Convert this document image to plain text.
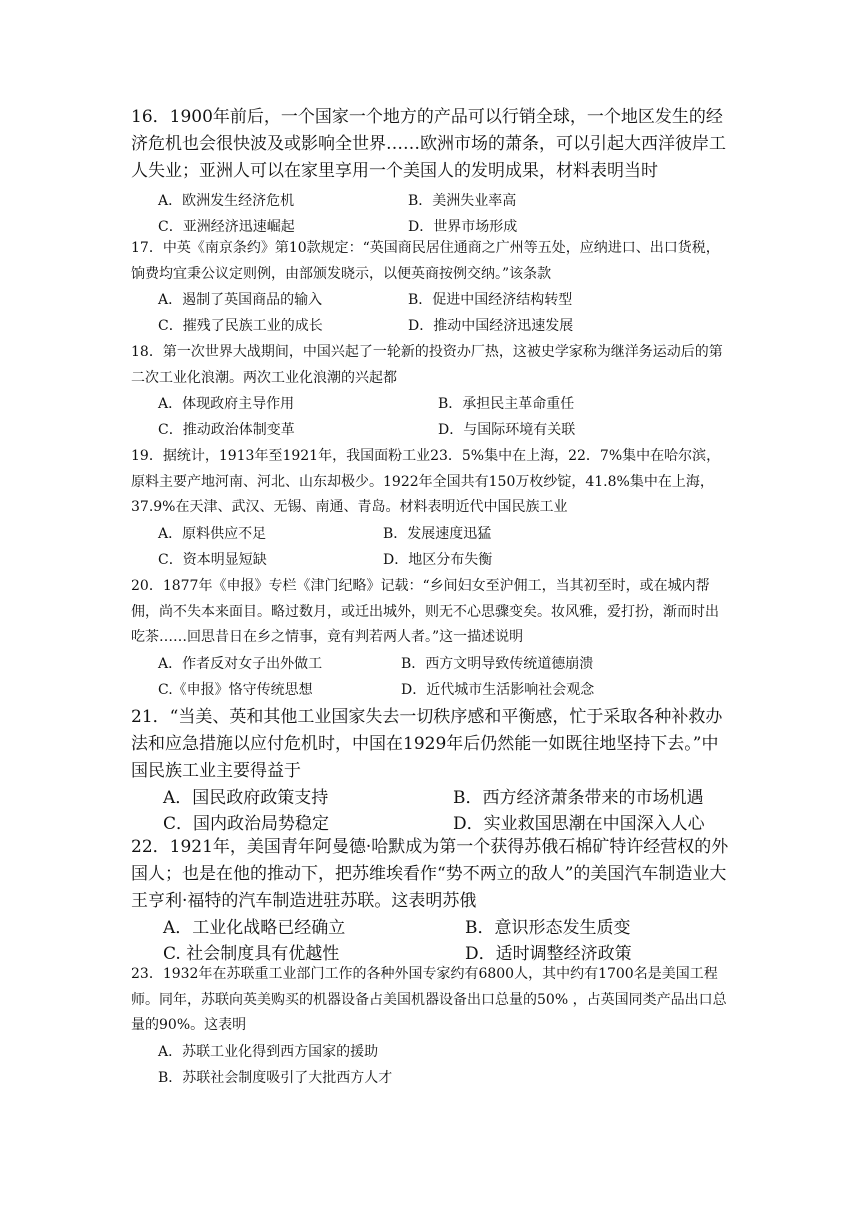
16．1900年前后，一个国家一个地方的产品可以行销全球，一个地区发生的经济危机也会很快波及或影响全世界……欧洲市场的萧条，可以引起大西洋彼岸工人失业；亚洲人可以在家里享用一个美国人的发明成果，材料表明当时

A．欧洲发生经济危机	B．美洲失业率高
C．亚洲经济迅速崛起	D．世界市场形成

17．中英《南京条约》第10款规定：“英国商民居住通商之广州等五处，应纳进口、出口货税，饷费均宜秉公议定则例，由部颁发晓示，以便英商按例交纳。”该条款

A．遏制了英国商品的输入	B．促进中国经济结构转型
C．摧残了民族工业的成长	D．推动中国经济迅速发展

18．第一次世界大战期间，中国兴起了一轮新的投资办厂热，这被史学家称为继洋务运动后的第二次工业化浪潮。两次工业化浪潮的兴起都

A．体现政府主导作用	B．承担民主革命重任
C．推动政治体制变革	D．与国际环境有关联

19．据统计，1913年至1921年，我国面粉工业23．5%集中在上海，22．7%集中在哈尔滨，原料主要产地河南、河北、山东却极少。1922年全国共有150万枚纱锭，41.8%集中在上海，37.9%在天津、武汉、无锡、南通、青岛。材料表明近代中国民族工业

A．原料供应不足	B．发展速度迅猛
C．资本明显短缺	D．地区分布失衡

20．1877年《申报》专栏《津门纪略》记载：“乡间妇女至沪佣工，当其初至时，或在城内帮佣，尚不失本来面目。略过数月，或迁出城外，则无不心思骤变矣。妆风雅，爱打扮，渐而时出吃茶……回思昔日在乡之情事，竟有判若两人者。”这一描述说明

A．作者反对女子出外做工	B．西方文明导致传统道德崩溃
C.《申报》恪守传统思想	D．近代城市生活影响社会观念

21．“当美、英和其他工业国家失去一切秩序感和平衡感，忙于采取各种补救办法和应急措施以应付危机时，中国在1929年后仍然能一如既往地坚持下去。”中国民族工业主要得益于

A．国民政府政策支持	B．西方经济萧条带来的市场机遇
C．国内政治局势稳定	D．实业救国思潮在中国深入人心

22．1921年，美国青年阿曼德·哈默成为第一个获得苏俄石棉矿特许经营权的外国人；也是在他的推动下，把苏维埃看作“势不两立的敌人”的美国汽车制造业大王亨利·福特的汽车制造进驻苏联。这表明苏俄

A．工业化战略已经确立	B．意识形态发生质变
C. 社会制度具有优越性	D．适时调整经济政策

23．1932年在苏联重工业部门工作的各种外国专家约有6800人，其中约有1700名是美国工程师。同年，苏联向英美购买的机器设备占美国机器设备出口总量的50% ，占英国同类产品出口总量的90%。这表明

A．苏联工业化得到西方国家的援助
B．苏联社会制度吸引了大批西方人才
